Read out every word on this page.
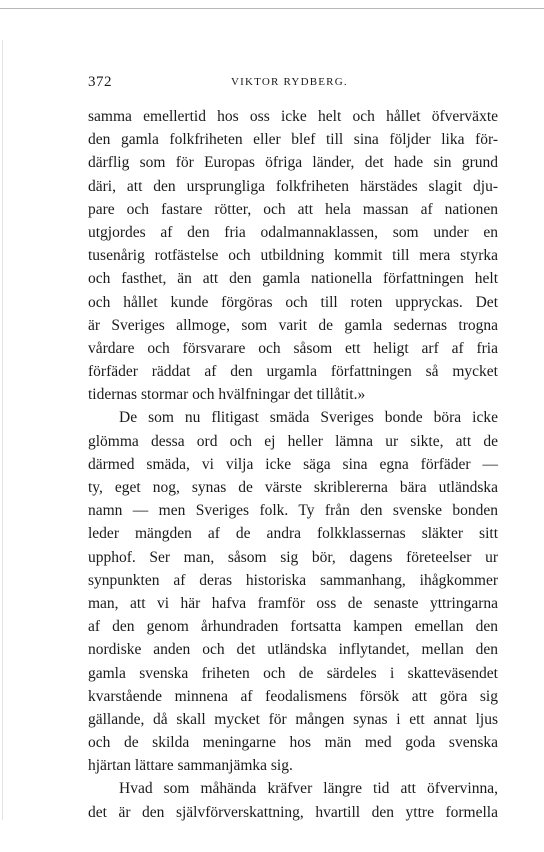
372	VIKTOR RYDBERG.
samma emellertid hos oss icke helt och hållet öfverväxte
den gamla folkfriheten eller blef till sina följder lika för-
därflig som för Europas öfriga länder, det hade sin grund
däri, att den ursprungliga folkfriheten härstädes slagit dju-
pare och fastare rötter, och att hela massan af nationen
utgjordes af den fria odalmannaklassen, som under en
tusenårig rotfästelse och utbildning kommit till mera styrka
och fasthet, än att den gamla nationella författningen helt
och hållet kunde förgöras och till roten uppryckas. Det
är Sveriges allmoge, som varit de gamla sedernas trogna
vårdare och försvarare och såsom ett heligt arf af fria
förfäder räddat af den urgamla författningen så mycket
tidernas stormar och hvälfningar det tillåtit.»
De som nu flitigast smäda Sveriges bonde böra icke
glömma dessa ord och ej heller lämna ur sikte, att de
därmed smäda, vi vilja icke säga sina egna förfäder —
ty, eget nog, synas de värste skriblererna bära utländska
namn — men Sveriges folk. Ty från den svenske bonden
leder mängden af de andra folkklassernas släkter sitt
upphof. Ser man, såsom sig bör, dagens företeelser ur
synpunkten af deras historiska sammanhang, ihågkommer
man, att vi här hafva framför oss de senaste yttringarna
af den genom århundraden fortsatta kampen emellan den
nordiske anden och det utländska inflytandet, mellan den
gamla svenska friheten och de särdeles i skatteväsendet
kvarstående minnena af feodalismens försök att göra sig
gällande, då skall mycket för mången synas i ett annat ljus
och de skilda meningarne hos män med goda svenska
hjärtan lättare sammanjämka sig.
Hvad som måhända kräfver längre tid att öfvervinna,
det är den självförverskattning, hvartill den yttre formella
